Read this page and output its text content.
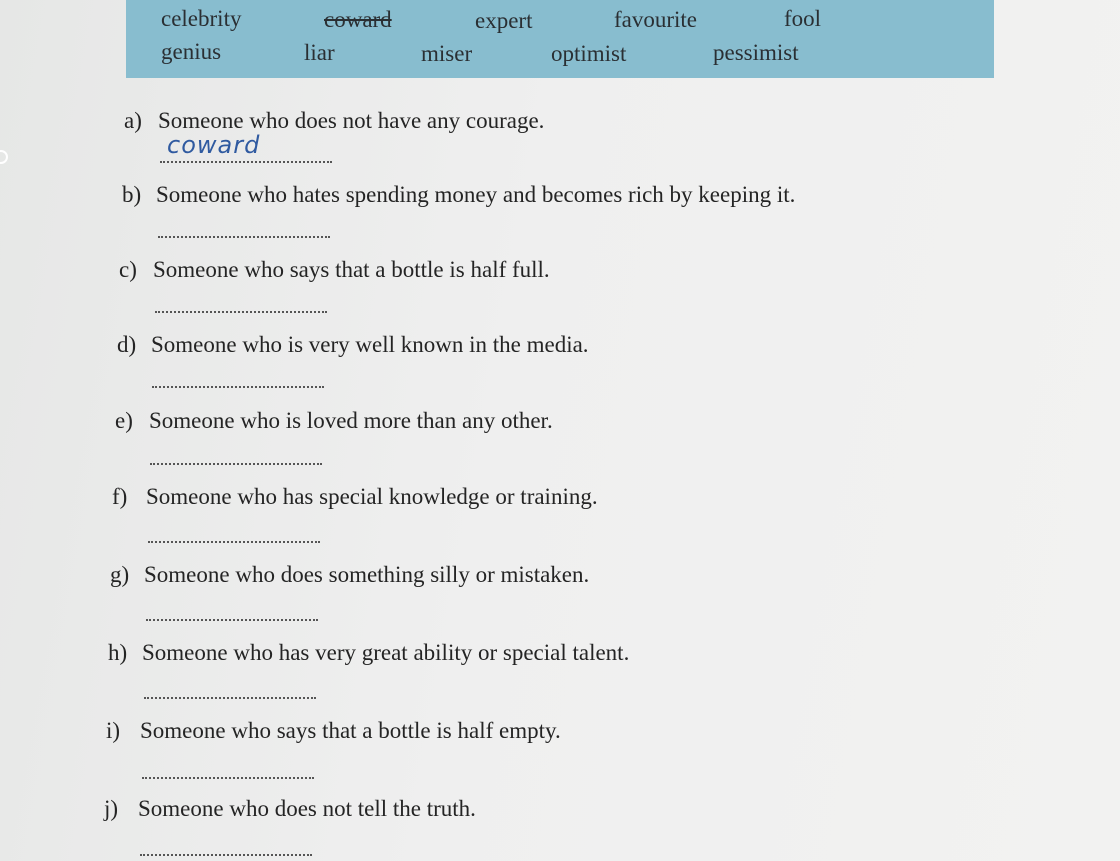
celebrity	coward	expert	favourite	fool
genius	liar	miser	optimist	pessimist
a) Someone who does not have any courage.
coward
b) Someone who hates spending money and becomes rich by keeping it.
c) Someone who says that a bottle is half full.
d) Someone who is very well known in the media.
e) Someone who is loved more than any other.
f) Someone who has special knowledge or training.
g) Someone who does something silly or mistaken.
h) Someone who has very great ability or special talent.
i) Someone who says that a bottle is half empty.
j) Someone who does not tell the truth.
